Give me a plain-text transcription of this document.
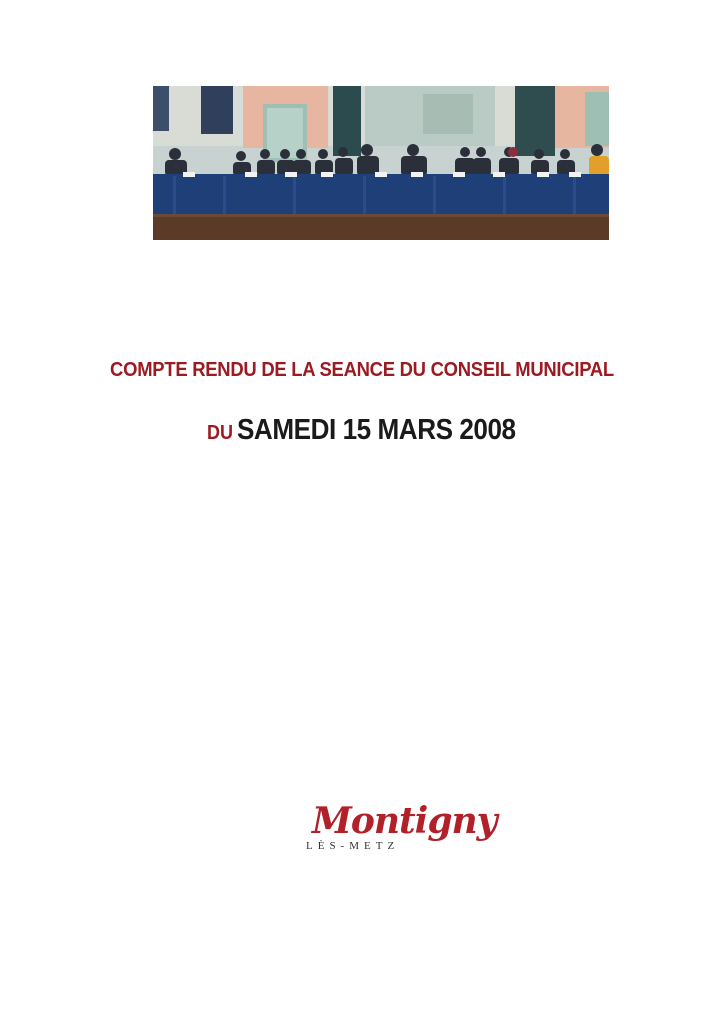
COMPTE RENDU DE LA SEANCE DU CONSEIL MUNICIPAL
DU SAMEDI 15 MARS 2008
Montigny
LÈS-METZ
